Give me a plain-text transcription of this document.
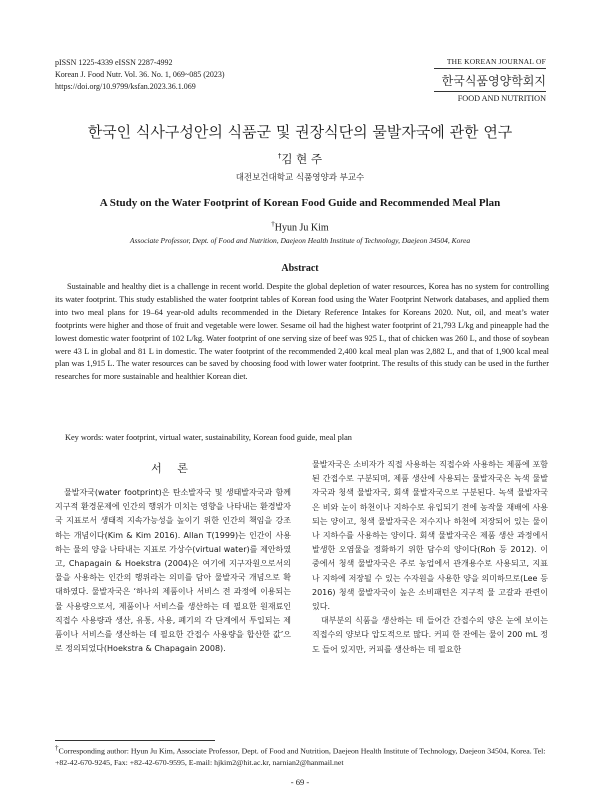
pISSN 1225-4339 eISSN 2287-4992
Korean J. Food Nutr. Vol. 36. No. 1, 069~085 (2023)
https://doi.org/10.9799/ksfan.2023.36.1.069
THE KOREAN JOURNAL OF
한국식품영양학회지
FOOD AND NUTRITION
한국인 식사구성안의 식품군 및 권장식단의 물발자국에 관한 연구
†김 현 주
대전보건대학교 식품영양과 부교수
A Study on the Water Footprint of Korean Food Guide and Recommended Meal Plan
†Hyun Ju Kim
Associate Professor, Dept. of Food and Nutrition, Daejeon Health Institute of Technology, Daejeon 34504, Korea
Abstract
Sustainable and healthy diet is a challenge in recent world. Despite the global depletion of water resources, Korea has no system for controlling its water footprint. This study established the water footprint tables of Korean food using the Water Footprint Network databases, and applied them into two meal plans for 19–64 year-old adults recommended in the Dietary Reference Intakes for Koreans 2020. Nut, oil, and meat’s water footprints were higher and those of fruit and vegetable were lower. Sesame oil had the highest water footprint of 21,793 L/kg and pineapple had the lowest domestic water footprint of 102 L/kg. Water footprint of one serving size of beef was 925 L, that of chicken was 260 L, and those of soybean were 43 L in global and 81 L in domestic. The water footprint of the recommended 2,400 kcal meal plan was 2,882 L, and that of 1,900 kcal meal plan was 1,915 L. The water resources can be saved by choosing food with lower water footprint. The results of this study can be used in the further researches for more sustainable and healthier Korean diet.
Key words: water footprint, virtual water, sustainability, Korean food guide, meal plan
서 론

물발자국(water footprint)은 탄소발자국 및 생태발자국과 함께 지구적 환경문제에 인간의 행위가 미치는 영향을 나타내는 환경발자국 지표로서 생태적 지속가능성을 높이기 위한 인간의 책임을 강조하는 개념이다(Kim & Kim 2016). Allan T(1999)는 인간이 사용하는 물의 양을 나타내는 지표로 가상수(virtual water)를 제안하였고, Chapagain & Hoekstra (2004)은 여기에 지구자원으로서의 물을 사용하는 인간의 행위라는 의미를 담아 물발자국 개념으로 확대하였다. 물발자국은 ‘하나의 제품이나 서비스 전 과정에 이용되는 물 사용량으로서, 제품이나 서비스를 생산하는 데 필요한 원재료인 직접수 사용량과 생산, 유통, 사용, 폐기의 각 단계에서 투입되는 제품이나 서비스를 생산하는 데 필요한 간접수 사용량을 합산한 값’으로 정의되었다(Hoekstra & Chapagain 2008).

물발자국은 소비자가 직접 사용하는 직접수와 사용하는 제품에 포함된 간접수로 구분되며, 제품 생산에 사용되는 물발자국은 녹색 물발자국과 청색 물발자국, 회색 물발자국으로 구분된다. 녹색 물발자국은 비와 눈이 하천이나 지하수로 유입되기 전에 농작물 재배에 사용되는 양이고, 청색 물발자국은 저수지나 하천에 저장되어 있는 물이나 지하수를 사용하는 양이다. 회색 물발자국은 제품 생산 과정에서 발생한 오염물을 정화하기 위한 담수의 양이다(Roh 등 2012). 이 중에서 청색 물발자국은 주로 농업에서 관개용수로 사용되고, 지표나 지하에 저장될 수 있는 수자원을 사용한 양을 의미하므로(Lee 등 2016) 청색 물발자국이 높은 소비패턴은 지구적 물 고갈과 관련이 있다.

대부분의 식품을 생산하는 데 들어간 간접수의 양은 눈에 보이는 직접수의 양보다 압도적으로 많다. 커피 한 잔에는 물이 200 mL 정도 들어 있지만, 커피를 생산하는 데 필요한

†Corresponding author: Hyun Ju Kim, Associate Professor, Dept. of Food and Nutrition, Daejeon Health Institute of Technology, Daejeon 34504, Korea. Tel: +82-42-670-9245, Fax: +82-42-670-9595, E-mail: hjkim2@hit.ac.kr, narnian2@hanmail.net
- 69 -
